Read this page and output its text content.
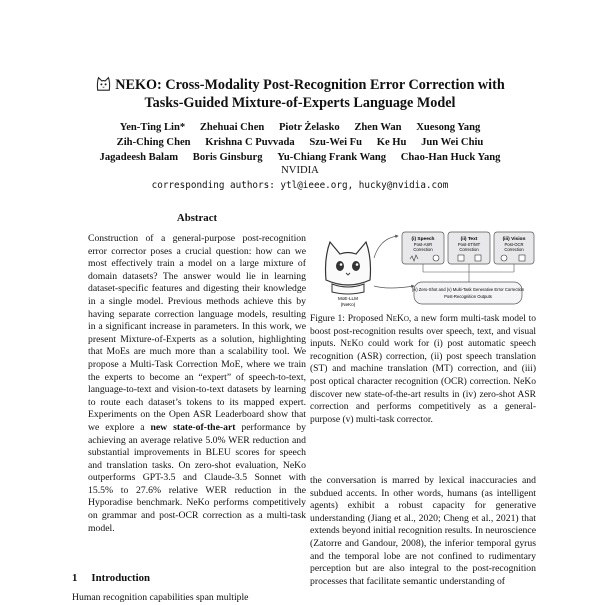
NEKO: Cross-Modality Post-Recognition Error Correction with
Tasks-Guided Mixture-of-Experts Language Model
Yen-Ting Lin* Zhehuai Chen Piotr Żelasko Zhen Wan Xuesong Yang
Zih-Ching Chen Krishna C Puvvada Szu-Wei Fu Ke Hu Jun Wei Chiu
Jagadeesh Balam Boris Ginsburg Yu-Chiang Frank Wang Chao-Han Huck Yang
NVIDIA
corresponding authors: ytl@ieee.org, hucky@nvidia.com
Abstract
Construction of a general-purpose post-recognition error corrector poses a crucial question: how can we most effectively train a model on a large mixture of domain datasets? The answer would lie in learning dataset-specific features and digesting their knowledge in a single model. Previous methods achieve this by having separate correction language models, resulting in a significant increase in parameters. In this work, we present Mixture-of-Experts as a solution, highlighting that MoEs are much more than a scalability tool. We propose a Multi-Task Correction MoE, where we train the experts to become an “expert” of speech-to-text, language-to-text and vision-to-text datasets by learning to route each dataset’s tokens to its mapped expert. Experiments on the Open ASR Leaderboard show that we explore a new state-of-the-art performance by achieving an average relative 5.0% WER reduction and substantial improvements in BLEU scores for speech and translation tasks. On zero-shot evaluation, NeKo outperforms GPT-3.5 and Claude-3.5 Sonnet with 15.5% to 27.6% relative WER reduction in the Hyporadise benchmark. NeKo performs competitively on grammar and post-OCR correction as a multi-task model.
1 Introduction
Human recognition capabilities span multiple
MoE-LLM
(NeKo)
(i) Speech
Post-ASR
Correction
(ii) Text
Post-ST/MT
Correction
(iii) Vision
Post-OCR
Correction
(iv) Zero-Shot and (v) Multi-Task Generative Error Correction
Post-Recognition Outputs
Figure 1: Proposed NeKo, a new form multi-task model to boost post-recognition results over speech, text, and visual inputs. NeKo could work for (i) post automatic speech recognition (ASR) correction, (ii) post speech translation (ST) and machine translation (MT) correction, and (iii) post optical character recognition (OCR) correction. NeKo discover new state-of-the-art results in (iv) zero-shot ASR correction and performs competitively as a general-purpose (v) multi-task corrector.
the conversation is marred by lexical inaccuracies and subdued accents. In other words, humans (as intelligent agents) exhibit a robust capacity for generative understanding (Jiang et al., 2020; Cheng et al., 2021) that extends beyond initial recognition results. In neuroscience (Zatorre and Gandour, 2008), the inferior temporal gyrus and the temporal lobe are not confined to rudimentary perception but are also integral to the post-recognition processes that facilitate semantic understanding of
